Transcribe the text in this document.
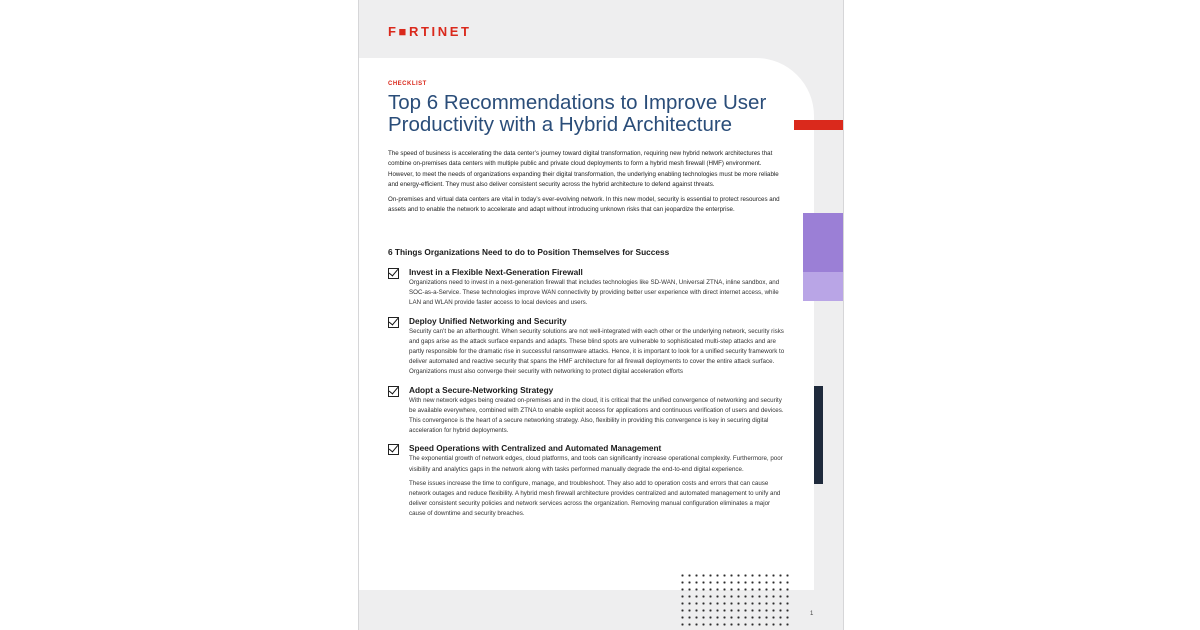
F■RTINET
CHECKLIST
Top 6 Recommendations to Improve User Productivity with a Hybrid Architecture

The speed of business is accelerating the data center’s journey toward digital transformation, requiring new hybrid network architectures that combine on-premises data centers with multiple public and private cloud deployments to form a hybrid mesh firewall (HMF) environment. However, to meet the needs of organizations expanding their digital transformation, the underlying enabling technologies must be more reliable and energy-efficient. They must also deliver consistent security across the hybrid architecture to defend against threats.

On-premises and virtual data centers are vital in today’s ever-evolving network. In this new model, security is essential to protect resources and assets and to enable the network to accelerate and adapt without introducing unknown risks that can jeopardize the enterprise.

6 Things Organizations Need to do to Position Themselves for Success
Invest in a Flexible Next-Generation Firewall

Organizations need to invest in a next-generation firewall that includes technologies like SD-WAN, Universal ZTNA, inline sandbox, and SOC-as-a-Service. These technologies improve WAN connectivity by providing better user experience with direct internet access, while LAN and WLAN provide faster access to local devices and users.

Deploy Unified Networking and Security

Security can’t be an afterthought. When security solutions are not well-integrated with each other or the underlying network, security risks and gaps arise as the attack surface expands and adapts. These blind spots are vulnerable to sophisticated multi-step attacks and are partly responsible for the dramatic rise in successful ransomware attacks. Hence, it is important to look for a unified security framework to deliver automated and reactive security that spans the HMF architecture for all firewall deployments to cover the entire attack surface. Organizations must also converge their security with networking to protect digital acceleration efforts

Adopt a Secure-Networking Strategy

With new network edges being created on-premises and in the cloud, it is critical that the unified convergence of networking and security be available everywhere, combined with ZTNA to enable explicit access for applications and continuous verification of users and devices. This convergence is the heart of a secure networking strategy. Also, flexibility in providing this convergence is key in securing digital acceleration for hybrid deployments.

Speed Operations with Centralized and Automated Management

The exponential growth of network edges, cloud platforms, and tools can significantly increase operational complexity. Furthermore, poor visibility and analytics gaps in the network along with tasks performed manually degrade the end-to-end digital experience.

These issues increase the time to configure, manage, and troubleshoot. They also add to operation costs and errors that can cause network outages and reduce flexibility. A hybrid mesh firewall architecture provides centralized and automated management to unify and deliver consistent security policies and network services across the organization. Removing manual configuration eliminates a major cause of downtime and security breaches.

1
